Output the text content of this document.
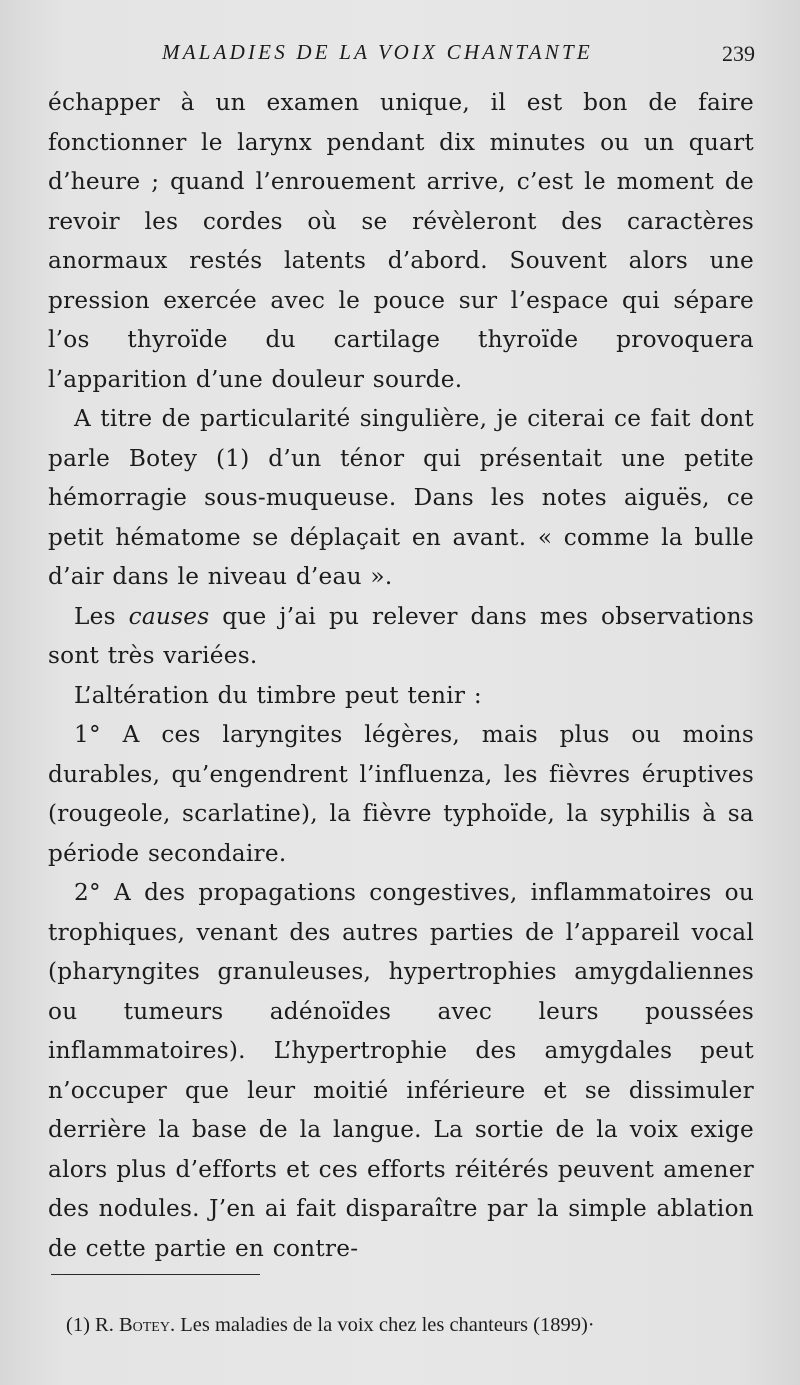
MALADIES DE LA VOIX CHANTANTE	239

échapper à un examen unique, il est bon de faire fonctionner le larynx pendant dix minutes ou un quart d’heure ; quand l’enrouement arrive, c’est le moment de revoir les cordes où se révèleront des caractères anormaux restés latents d’abord. Souvent alors une pression exercée avec le pouce sur l’espace qui sépare l’os thyroïde du cartilage thyroïde provoquera l’apparition d’une douleur sourde.

A titre de particularité singulière, je citerai ce fait dont parle Botey (1) d’un ténor qui présentait une petite hémorragie sous-muqueuse. Dans les notes aiguës, ce petit hématome se déplaçait en avant. « comme la bulle d’air dans le niveau d’eau ».

Les causes que j’ai pu relever dans mes observations sont très variées.

L’altération du timbre peut tenir :

1° A ces laryngites légères, mais plus ou moins durables, qu’engendrent l’influenza, les fièvres éruptives (rougeole, scarlatine), la fièvre typhoïde, la syphilis à sa période secondaire.

2° A des propagations congestives, inflammatoires ou trophiques, venant des autres parties de l’appareil vocal (pharyngites granuleuses, hypertrophies amygdaliennes ou tumeurs adénoïdes avec leurs poussées inflammatoires). L’hypertrophie des amygdales peut n’occuper que leur moitié inférieure et se dissimuler derrière la base de la langue. La sortie de la voix exige alors plus d’efforts et ces efforts réitérés peuvent amener des nodules. J’en ai fait disparaître par la simple ablation de cette partie en contre-

(1) R. Botey. Les maladies de la voix chez les chanteurs (1899)·
